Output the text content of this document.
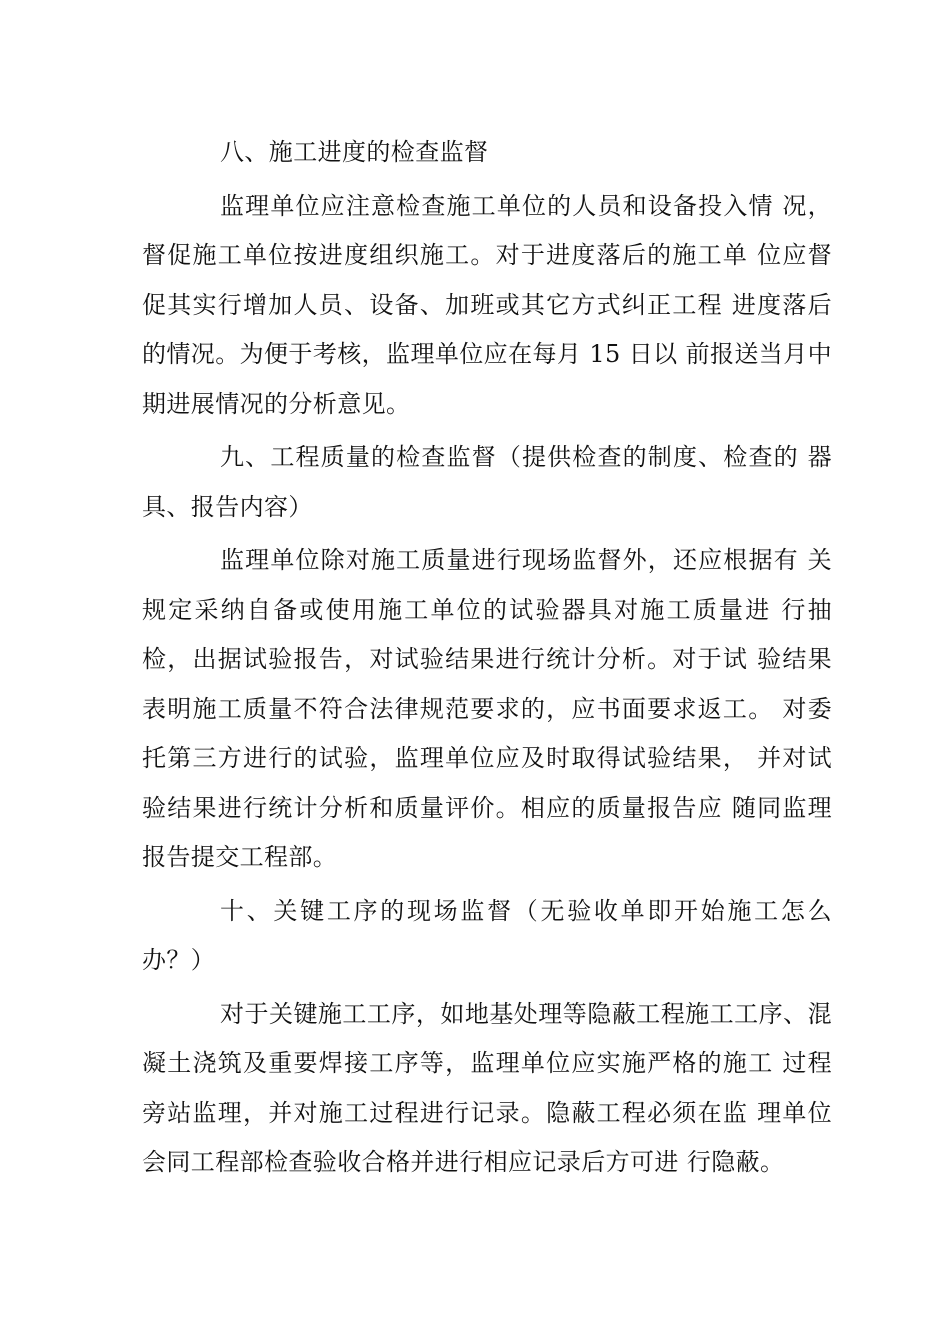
八、施工进度的检查监督

监理单位应注意检查施工单位的人员和设备投入情 况，督促施工单位按进度组织施工。对于进度落后的施工单 位应督促其实行增加人员、设备、加班或其它方式纠正工程 进度落后的情况。为便于考核，监理单位应在每月 15 日以 前报送当月中期进展情况的分析意见。

九、工程质量的检查监督（提供检查的制度、检查的 器具、报告内容）

监理单位除对施工质量进行现场监督外，还应根据有 关规定采纳自备或使用施工单位的试验器具对施工质量进 行抽检，出据试验报告，对试验结果进行统计分析。对于试 验结果表明施工质量不符合法律规范要求的，应书面要求返工。 对委托第三方进行的试验，监理单位应及时取得试验结果， 并对试验结果进行统计分析和质量评价。相应的质量报告应 随同监理报告提交工程部。

十、关键工序的现场监督（无验收单即开始施工怎么 办？）

对于关键施工工序，如地基处理等隐蔽工程施工工序、混凝土浇筑及重要焊接工序等，监理单位应实施严格的施工 过程旁站监理，并对施工过程进行记录。隐蔽工程必须在监 理单位会同工程部检查验收合格并进行相应记录后方可进 行隐蔽。
